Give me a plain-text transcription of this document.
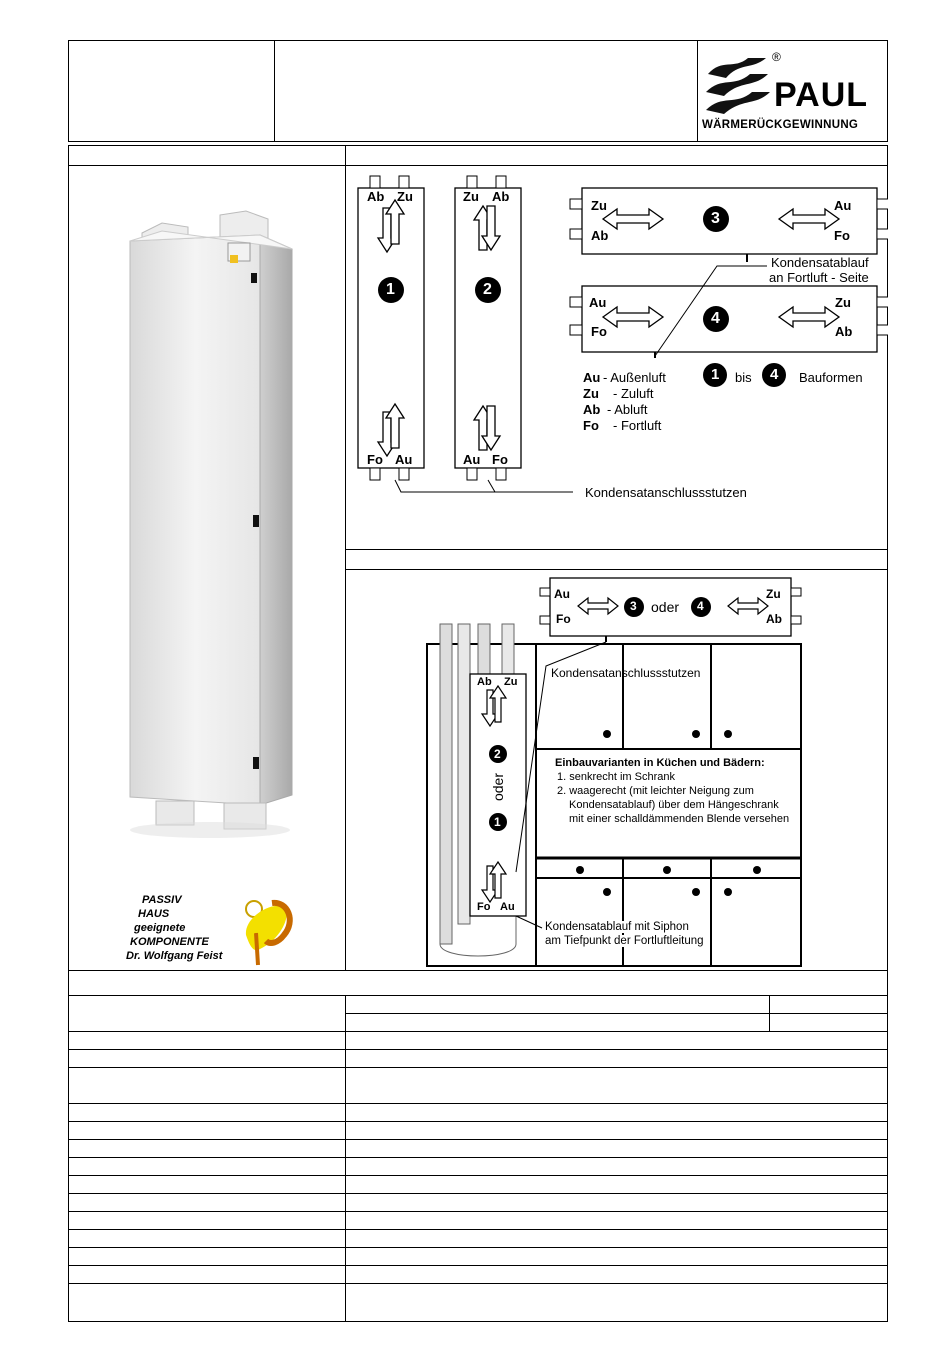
PAUL
®
WÄRMERÜCKGEWINNUNG
PASSIV
HAUS
geeignete
KOMPONENTE
Dr. Wolfgang Feist
Ab Zu
Fo Au
1
Zu Ab
Au Fo
2
Zu
Ab
Au
Fo
3
Au
Fo
Zu
Ab
4
Kondensatablauf
an Fortluft - Seite
Au - Außenluft
Zu - Zuluft
Ab - Abluft
Fo - Fortluft
1 bis 4 Bauformen
Kondensatanschlussstutzen
Au
Fo
Zu
Ab
3 oder 4
Kondensatanschlussstutzen
Ab Zu
Fo Au
2
oder
1
Einbauvarianten in Küchen und Bädern:
1. senkrecht im Schrank
2. waagerecht (mit leichter Neigung zum
Kondensatablauf) über dem Hängeschrank
mit einer schalldämmenden Blende versehen
Kondensatablauf mit Siphon
am Tiefpunkt der Fortluftleitung
